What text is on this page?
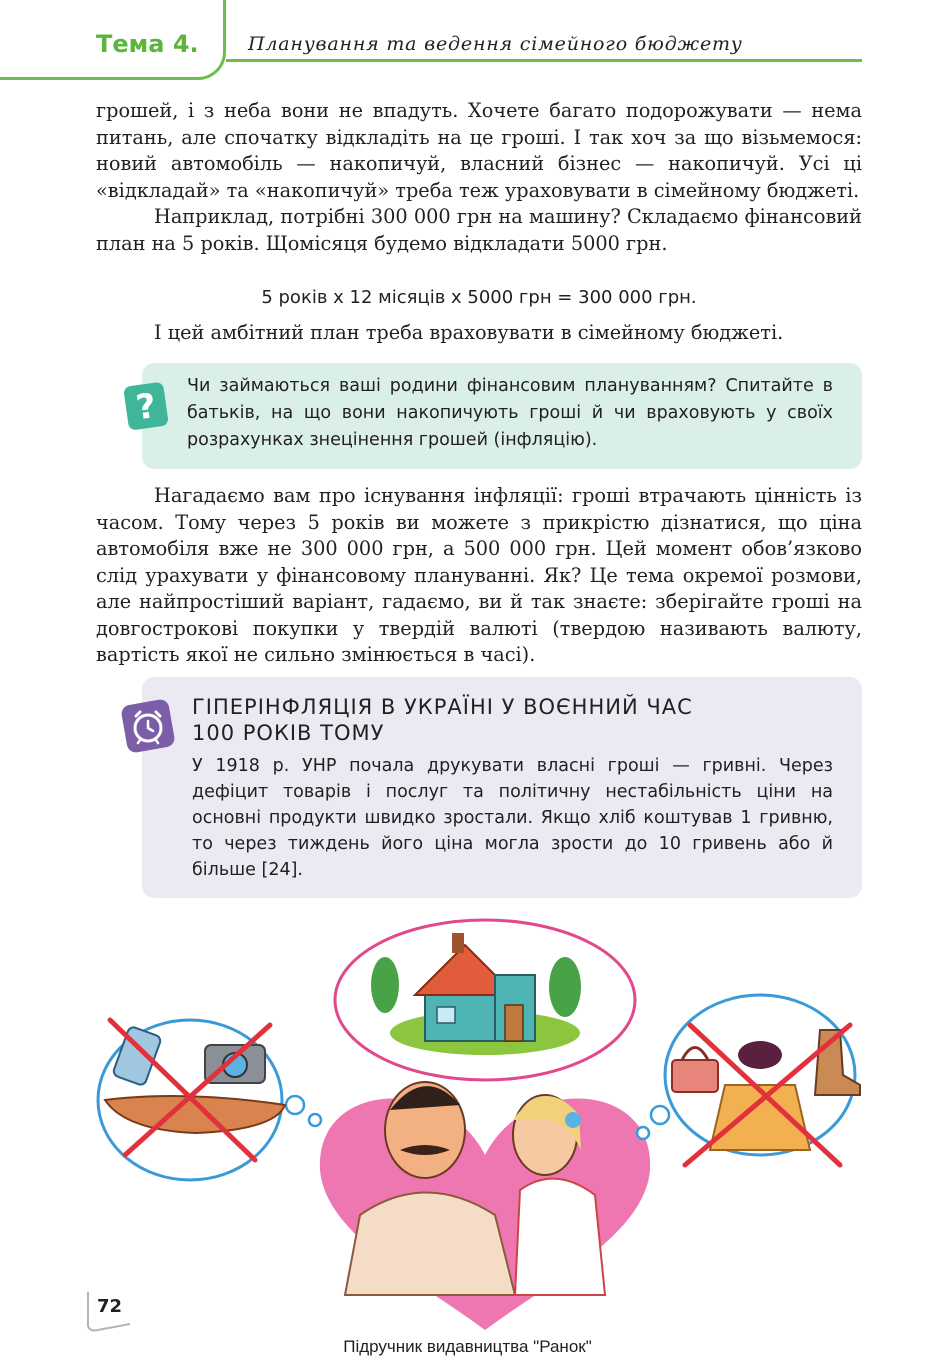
Тема 4.	Планування та ведення сімейного бюджету

грошей, і з неба вони не впадуть. Хочете багато подорожувати — нема питань, але спочатку відкладіть на це гроші. І так хоч за що візьмемося: новий автомобіль — накопичуй, власний бізнес — накопичуй. Усі ці «відкладай» та «накопичуй» треба теж ураховувати в сімейному бюджеті.

Наприклад, потрібні 300 000 грн на машину? Складаємо фінансовий план на 5 років. Щомісяця будемо відкладати 5000 грн.

5 років х 12 місяців х 5000 грн = 300 000 грн.

І цей амбітний план треба враховувати в сімейному бюджеті.

? Чи займаються ваші родини фінансовим плануванням? Спитайте в батьків, на що вони накопичують гроші й чи враховують у своїх розрахунках знецінення грошей (інфляцію).

Нагадаємо вам про існування інфляції: гроші втрачають цінність із часом. Тому через 5 років ви можете з прикрістю дізнатися, що ціна автомобіля вже не 300 000 грн, а 500 000 грн. Цей момент обов’язково слід урахувати у фінансовому плануванні. Як? Це тема окремої розмови, але найпростіший варіант, гадаємо, ви й так знаєте: зберігайте гроші на довгострокові покупки у твердій валюті (твердою називають валюту, вартість якої не сильно змінюється в часі).

ГІПЕРІНФЛЯЦІЯ В УКРАЇНІ У ВОЄННИЙ ЧАС
100 РОКІВ ТОМУ
У 1918 р. УНР почала друкувати власні гроші — гривні. Через дефіцит товарів і послуг та політичну нестабільність ціни на основні продукти швидко зростали. Якщо хліб коштував 1 гривню, то через тиждень його ціна могла зрости до 10 гривень або й більше [24].
72
Підручник видавництва "Ранок"
